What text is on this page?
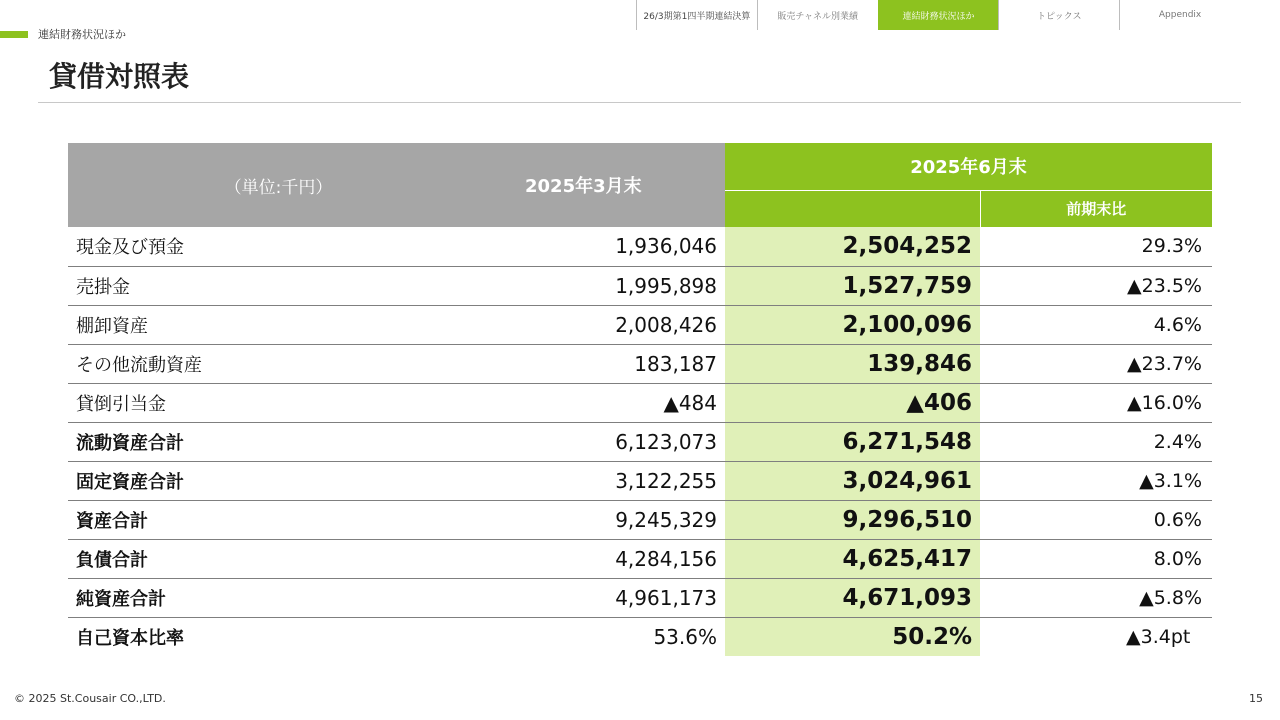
26/3期第1四半期連結決算	販売チャネル別業績	連結財務状況ほか	トピックス	Appendix
連結財務状況ほか
貸借対照表
（単位:千円）	2025年3月末	2025年6月末	
			前期末比
現金及び預金	1,936,046	2,504,252	29.3%
売掛金	1,995,898	1,527,759	▲23.5%
棚卸資産	2,008,426	2,100,096	4.6%
その他流動資産	183,187	139,846	▲23.7%
貸倒引当金	▲484	▲406	▲16.0%
流動資産合計	6,123,073	6,271,548	2.4%
固定資産合計	3,122,255	3,024,961	▲3.1%
資産合計	9,245,329	9,296,510	0.6%
負債合計	4,284,156	4,625,417	8.0%
純資産合計	4,961,173	4,671,093	▲5.8%
自己資本比率	53.6%	50.2%	▲3.4pt
© 2025 St.Cousair CO.,LTD.	15
